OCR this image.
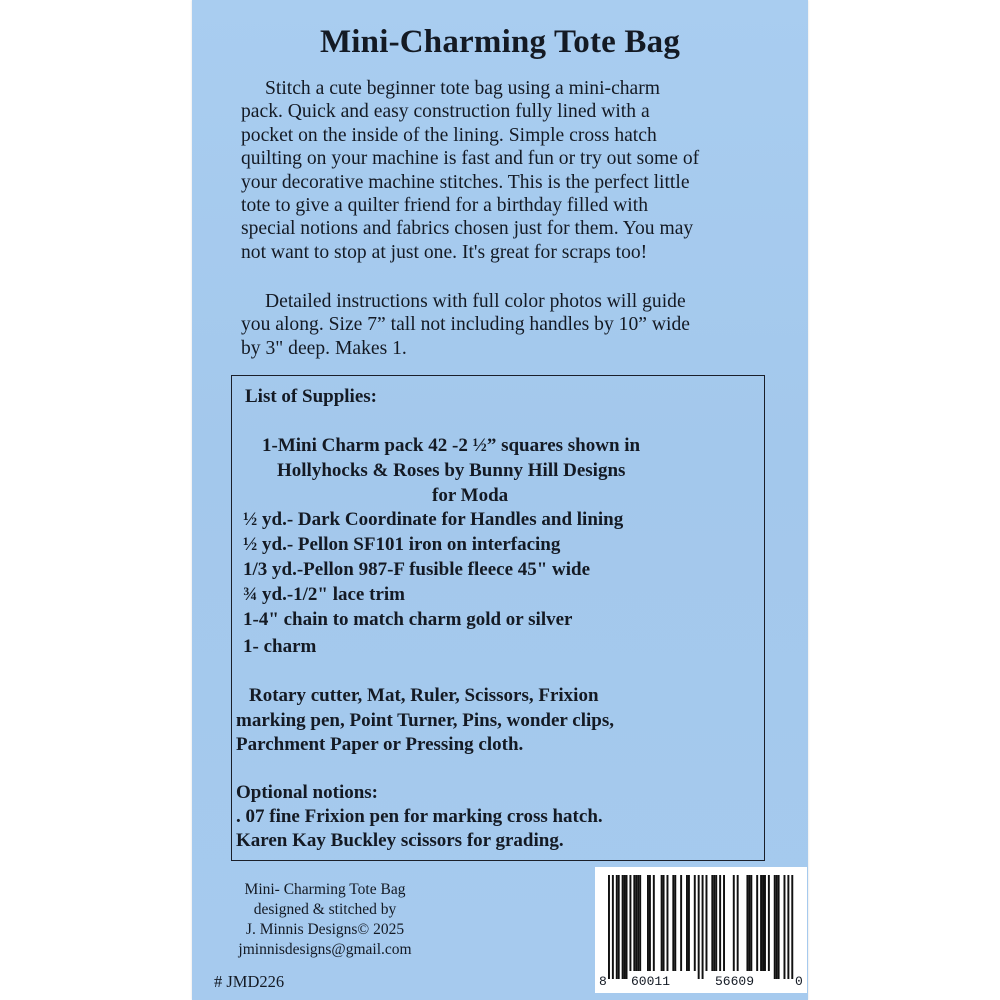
Mini-Charming Tote Bag
Stitch a cute beginner tote bag using a mini-charm
pack. Quick and easy construction fully lined with a
pocket on the inside of the lining. Simple cross hatch
quilting on your machine is fast and fun or try out some of
your decorative machine stitches. This is the perfect little
tote to give a quilter friend for a birthday filled with
special notions and fabrics chosen just for them. You may
not want to stop at just one. It's great for scraps too!
Detailed instructions with full color photos will guide
you along. Size 7” tall not including handles by 10” wide
by 3" deep. Makes 1.
List of Supplies:
1-Mini Charm pack 42 -2 ½” squares shown in
Hollyhocks & Roses by Bunny Hill Designs
for Moda
½ yd.- Dark Coordinate for Handles and lining
½ yd.- Pellon SF101 iron on interfacing
1/3 yd.-Pellon 987-F fusible fleece 45" wide
¾ yd.-1/2" lace trim
1-4" chain to match charm gold or silver
1- charm
Rotary cutter, Mat, Ruler, Scissors, Frixion
marking pen, Point Turner, Pins, wonder clips,
Parchment Paper or Pressing cloth.
Optional notions:
. 07 fine Frixion pen for marking cross hatch.
Karen Kay Buckley scissors for grading.
Mini- Charming Tote Bag
designed & stitched by
J. Minnis Designs© 2025
jminnisdesigns@gmail.com
# JMD226	8 60011	56609	0
